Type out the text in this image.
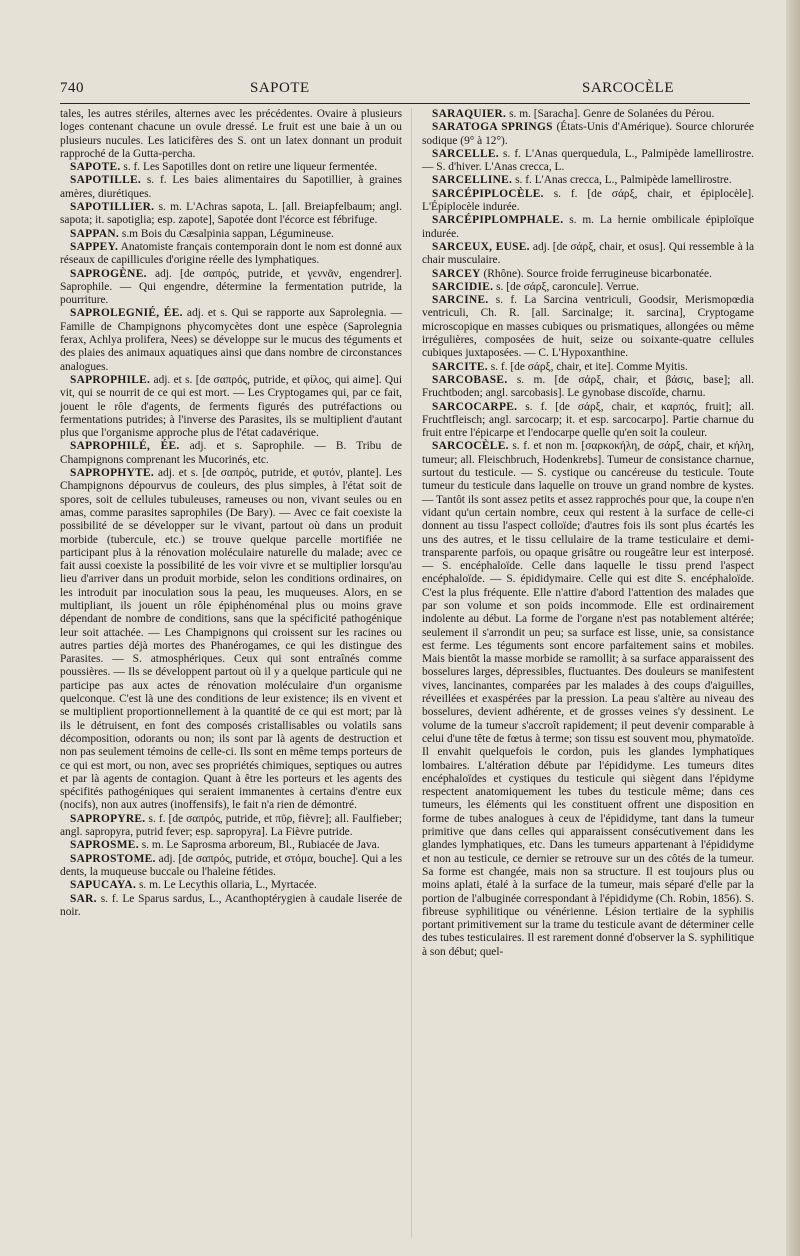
740	SAPOTE	SARCOCÈLE

tales, les autres stériles, alternes avec les précédentes. Ovaire à plusieurs loges contenant chacune un ovule dressé. Le fruit est une baie à un ou plusieurs nucules. Les laticifères des S. ont un latex donnant un produit rapproché de la Gutta-percha.

SAPOTE. s. f. Les Sapotilles dont on retire une liqueur fermentée.

SAPOTILLE. s. f. Les baies alimentaires du Sapotillier, à graines amères, diurétiques.

SAPOTILLIER. s. m. L'Achras sapota, L. [all. Breiapfelbaum; angl. sapota; it. sapotiglia; esp. zapote], Sapotée dont l'écorce est fébrifuge.

SAPPAN. s.m Bois du Cæsalpinia sappan, Légumineuse.

SAPPEY. Anatomiste français contemporain dont le nom est donné aux réseaux de capillicules d'origine réelle des lymphatiques.

SAPROGÈNE. adj. [de σαπρός, putride, et γεννᾶν, engendrer]. Saprophile. — Qui engendre, détermine la fermentation putride, la pourriture.

SAPROLEGNIÉ, ÉE. adj. et s. Qui se rapporte aux Saprolegnia. — Famille de Champignons phycomycètes dont une espèce (Saprolegnia ferax, Achlya prolifera, Nees) se développe sur le mucus des téguments et des plaies des animaux aquatiques ainsi que dans nombre de circonstances analogues.

SAPROPHILE. adj. et s. [de σαπρός, putride, et φίλος, qui aime]. Qui vit, qui se nourrit de ce qui est mort. — Les Cryptogames qui, par ce fait, jouent le rôle d'agents, de ferments figurés des putréfactions ou fermentations putrides; à l'inverse des Parasites, ils se multiplient d'autant plus que l'organisme approche plus de l'état cadavérique.

SAPROPHILÉ, ÉE. adj. et s. Saprophile. — B. Tribu de Champignons comprenant les Mucorinés, etc.

SAPROPHYTE. adj. et s. [de σαπρός, putride, et φυτόν, plante]. Les Champignons dépourvus de couleurs, des plus simples, à l'état soit de spores, soit de cellules tubuleuses, rameuses ou non, vivant seules ou en amas, comme parasites saprophiles (De Bary). — Avec ce fait coexiste la possibilité de se développer sur le vivant, partout où dans un produit morbide (tubercule, etc.) se trouve quelque parcelle mortifiée ne participant plus à la rénovation moléculaire naturelle du malade; avec ce fait aussi coexiste la possibilité de les voir vivre et se multiplier lorsqu'au lieu d'arriver dans un produit morbide, selon les conditions ordinaires, on les introduit par inoculation sous la peau, les muqueuses. Alors, en se multipliant, ils jouent un rôle épiphénoménal plus ou moins grave dépendant de nombre de conditions, sans que la spécificité pathogénique leur soit attachée. — Les Champignons qui croissent sur les racines ou autres parties déjà mortes des Phanérogames, ce qui les distingue des Parasites. — S. atmosphériques. Ceux qui sont entraînés comme poussières. — Ils se développent partout où il y a quelque particule qui ne participe pas aux actes de rénovation moléculaire d'un organisme quelconque. C'est là une des conditions de leur existence; ils en vivent et se multiplient proportionnellement à la quantité de ce qui est mort; par là ils le détruisent, en font des composés cristallisables ou volatils sans décomposition, odorants ou non; ils sont par là agents de destruction et non pas seulement témoins de celle-ci. Ils sont en même temps porteurs de ce qui est mort, ou non, avec ses propriétés chimiques, septiques ou autres et par là agents de contagion. Quant à être les porteurs et les agents des spécifités pathogéniques qui seraient immanentes à certains d'entre eux (nocifs), non aux autres (inoffensifs), le fait n'a rien de démontré.

SAPROPYRE. s. f. [de σαπρός, putride, et πῦρ, fièvre]; all. Faulfieber; angl. sapropyra, putrid fever; esp. sapropyra]. La Fièvre putride.

SAPROSME. s. m. Le Saprosma arboreum, Bl., Rubiacée de Java.

SAPROSTOME. adj. [de σαπρός, putride, et στόμα, bouche]. Qui a les dents, la muqueuse buccale ou l'haleine fétides.

SAPUCAYA. s. m. Le Lecythis ollaria, L., Myrtacée.

SAR. s. f. Le Sparus sardus, L., Acanthoptérygien à caudale liserée de noir.

SARAQUIER. s. m. [Saracha]. Genre de Solanées du Pérou.

SARATOGA SPRINGS (États-Unis d'Amérique). Source chlorurée sodique (9° à 12°).

SARCELLE. s. f. L'Anas querquedula, L., Palmipède lamellirostre. — S. d'hiver. L'Anas crecca, L.

SARCELLINE. s. f. L'Anas crecca, L., Palmipède lamellirostre.

SARCÉPIPLOCÈLE. s. f. [de σάρξ, chair, et épiplocèle]. L'Épiplocèle indurée.

SARCÉPIPLOMPHALE. s. m. La hernie ombilicale épiploïque indurée.

SARCEUX, EUSE. adj. [de σάρξ, chair, et osus]. Qui ressemble à la chair musculaire.

SARCEY (Rhône). Source froide ferrugineuse bicarbonatée.

SARCIDIE. s. [de σάρξ, caroncule]. Verrue.

SARCINE. s. f. La Sarcina ventriculi, Goodsir, Merismopœdia ventriculi, Ch. R. [all. Sarcinalge; it. sarcina], Cryptogame microscopique en masses cubiques ou prismatiques, allongées ou même irrégulières, composées de huit, seize ou soixante-quatre cellules cubiques juxtaposées. — C. L'Hypoxanthine.

SARCITE. s. f. [de σάρξ, chair, et ite]. Comme Myitis.

SARCOBASE. s. m. [de σάρξ, chair, et βάσις, base]; all. Fruchtboden; angl. sarcobasis]. Le gynobase discoïde, charnu.

SARCOCARPE. s. f. [de σάρξ, chair, et καρπός, fruit]; all. Fruchtfleisch; angl. sarcocarp; it. et esp. sarcocarpo]. Partie charnue du fruit entre l'épicarpe et l'endocarpe quelle qu'en soit la couleur.

SARCOCÈLE. s. f. et non m. [σαρκοκήλη, de σάρξ, chair, et κήλη, tumeur; all. Fleischbruch, Hodenkrebs]. Tumeur de consistance charnue, surtout du testicule. — S. cystique ou cancéreuse du testicule. Toute tumeur du testicule dans laquelle on trouve un grand nombre de kystes. — Tantôt ils sont assez petits et assez rapprochés pour que, la coupe n'en vidant qu'un certain nombre, ceux qui restent à la surface de celle-ci donnent au tissu l'aspect colloïde; d'autres fois ils sont plus écartés les uns des autres, et le tissu cellulaire de la trame testiculaire et demi-transparente parfois, ou opaque grisâtre ou rougeâtre leur est interposé. — S. encéphaloïde. Celle dans laquelle le tissu prend l'aspect encéphaloïde. — S. épididymaire. Celle qui est dite S. encéphaloïde. C'est la plus fréquente. Elle n'attire d'abord l'attention des malades que par son volume et son poids incommode. Elle est ordinairement indolente au début. La forme de l'organe n'est pas notablement altérée; seulement il s'arrondit un peu; sa surface est lisse, unie, sa consistance est ferme. Les téguments sont encore parfaitement sains et mobiles. Mais bientôt la masse morbide se ramollit; à sa surface apparaissent des bosselures larges, dépressibles, fluctuantes. Des douleurs se manifestent vives, lancinantes, comparées par les malades à des coups d'aiguilles, réveillées et exaspérées par la pression. La peau s'altère au niveau des bosselures, devient adhérente, et de grosses veines s'y dessinent. Le volume de la tumeur s'accroît rapidement; il peut devenir comparable à celui d'une tête de fœtus à terme; son tissu est souvent mou, phymatoïde. Il envahit quelquefois le cordon, puis les glandes lymphatiques lombaires. L'altération débute par l'épididyme. Les tumeurs dites encéphaloïdes et cystiques du testicule qui siègent dans l'épidyme respectent anatomiquement les tubes du testicule même; dans ces tumeurs, les éléments qui les constituent offrent une disposition en forme de tubes analogues à ceux de l'épididyme, tant dans la tumeur primitive que dans celles qui apparaissent consécutivement dans les glandes lymphatiques, etc. Dans les tumeurs appartenant à l'épididyme et non au testicule, ce dernier se retrouve sur un des côtés de la tumeur. Sa forme est changée, mais non sa structure. Il est toujours plus ou moins aplati, étalé à la surface de la tumeur, mais séparé d'elle par la portion de l'albuginée correspondant à l'épididyme (Ch. Robin, 1856). S. fibreuse syphilitique ou vénérienne. Lésion tertiaire de la syphilis portant primitivement sur la trame du testicule avant de déterminer celle des tubes testiculaires. Il est rarement donné d'observer la S. syphilitique à son début; quel-
